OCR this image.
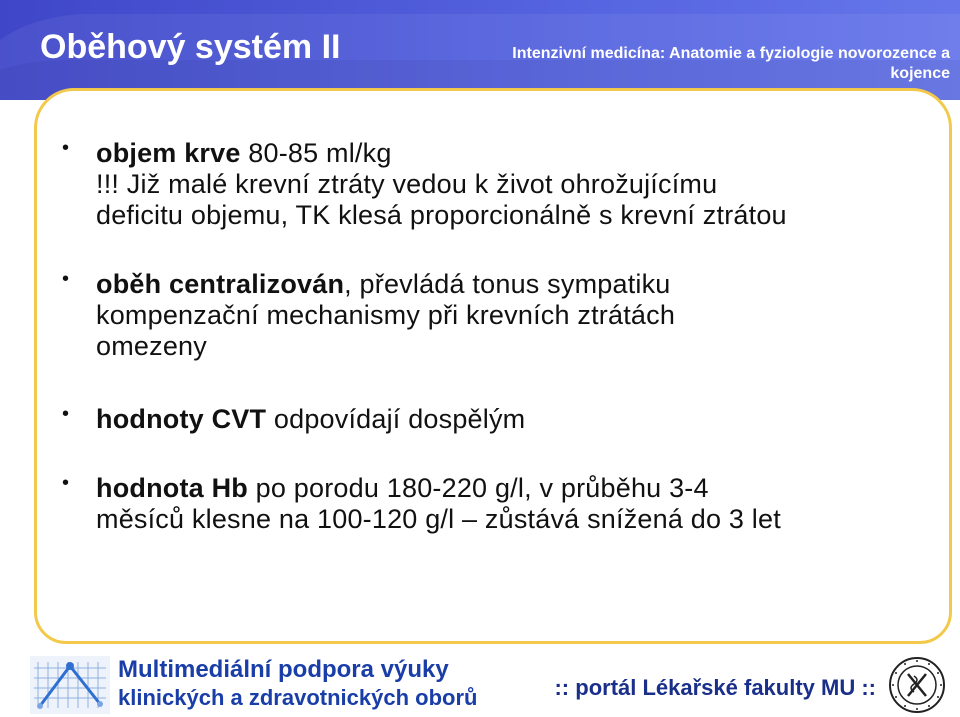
Oběhový systém II	Intenzivní medicína: Anatomie a fyziologie novorozence a kojence
• objem krve 80-85 ml/kg
!!! Již malé krevní ztráty vedou k život ohrožujícímu
deficitu objemu, TK klesá proporcionálně s krevní ztrátou
• oběh centralizován, převládá tonus sympatiku
kompenzační mechanismy při krevních ztrátách
omezeny
• hodnoty CVT odpovídají dospělým
• hodnota Hb po porodu 180-220 g/l, v průběhu 3-4
měsíců klesne na 100-120 g/l – zůstává snížená do 3 let
Multimediální podpora výuky
klinických a zdravotnických oborů	:: portál Lékařské fakulty MU ::
